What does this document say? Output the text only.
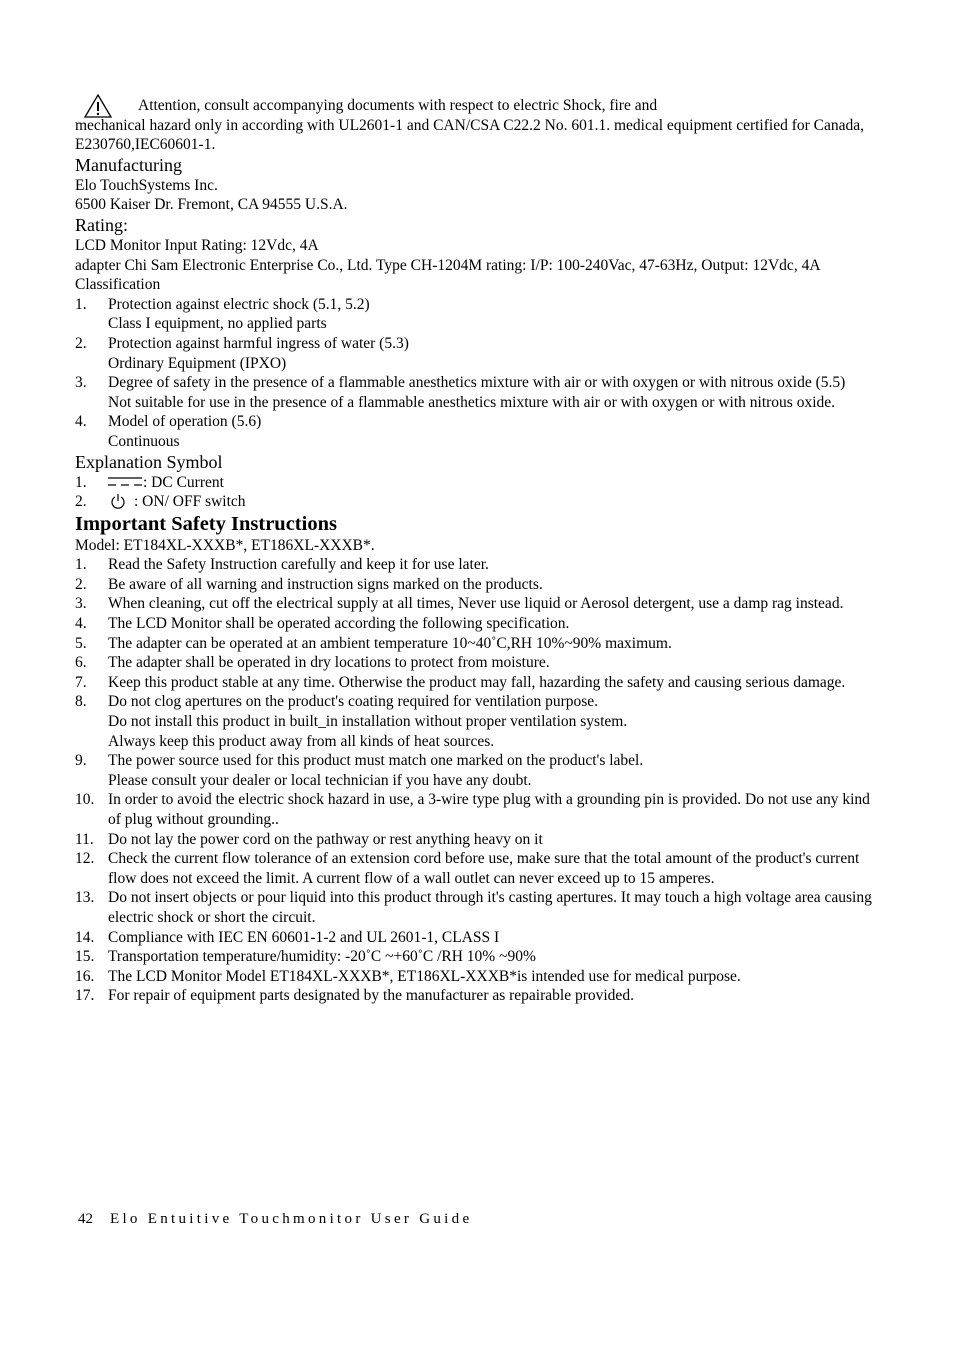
Attention, consult accompanying documents with respect to electric Shock, fire and

mechanical hazard only in according with UL2601-1 and CAN/CSA C22.2 No. 601.1. medical equipment certified for Canada, E230760,IEC60601-1.

Manufacturing

Elo TouchSystems Inc.

6500 Kaiser Dr. Fremont, CA 94555 U.S.A.

Rating:

LCD Monitor Input Rating: 12Vdc, 4A

adapter Chi Sam Electronic Enterprise Co., Ltd. Type CH-1204M rating: I/P: 100-240Vac, 47-63Hz, Output: 12Vdc, 4A

Classification

1. Protection against electric shock (5.1, 5.2)
Class I equipment, no applied parts
2. Protection against harmful ingress of water (5.3)
Ordinary Equipment (IPXO)
3. Degree of safety in the presence of a flammable anesthetics mixture with air or with oxygen or with nitrous oxide (5.5)
Not suitable for use in the presence of a flammable anesthetics mixture with air or with oxygen or with nitrous oxide.
4. Model of operation (5.6)
Continuous

Explanation Symbol

1.	: DC Current
2.	: ON/ OFF switch

Important Safety Instructions

Model: ET184XL-XXXB*, ET186XL-XXXB*.

1. Read the Safety Instruction carefully and keep it for use later.
2. Be aware of all warning and instruction signs marked on the products.
3. When cleaning, cut off the electrical supply at all times, Never use liquid or Aerosol detergent, use a damp rag instead.
4. The LCD Monitor shall be operated according the following specification.
5. The adapter can be operated at an ambient temperature 10~40˚C,RH 10%~90% maximum.
6. The adapter shall be operated in dry locations to protect from moisture.
7. Keep this product stable at any time. Otherwise the product may fall, hazarding the safety and causing serious damage.
8. Do not clog apertures on the product's coating required for ventilation purpose.
Do not install this product in built_in installation without proper ventilation system.
Always keep this product away from all kinds of heat sources.
9. The power source used for this product must match one marked on the product's label.
Please consult your dealer or local technician if you have any doubt.
10. In order to avoid the electric shock hazard in use, a 3-wire type plug with a grounding pin is provided. Do not use any kind of plug without grounding..
11. Do not lay the power cord on the pathway or rest anything heavy on it
12. Check the current flow tolerance of an extension cord before use, make sure that the total amount of the product's current flow does not exceed the limit. A current flow of a wall outlet can never exceed up to 15 amperes.
13. Do not insert objects or pour liquid into this product through it's casting apertures. It may touch a high voltage area causing electric shock or short the circuit.
14. Compliance with IEC EN 60601-1-2 and UL 2601-1, CLASS I
15. Transportation temperature/humidity: -20˚C ~+60˚C /RH 10% ~90%
16. The LCD Monitor Model ET184XL-XXXB*, ET186XL-XXXB*is intended use for medical purpose.
17. For repair of equipment parts designated by the manufacturer as repairable provided.
42 Elo Entuitive Touchmonitor User Guide
